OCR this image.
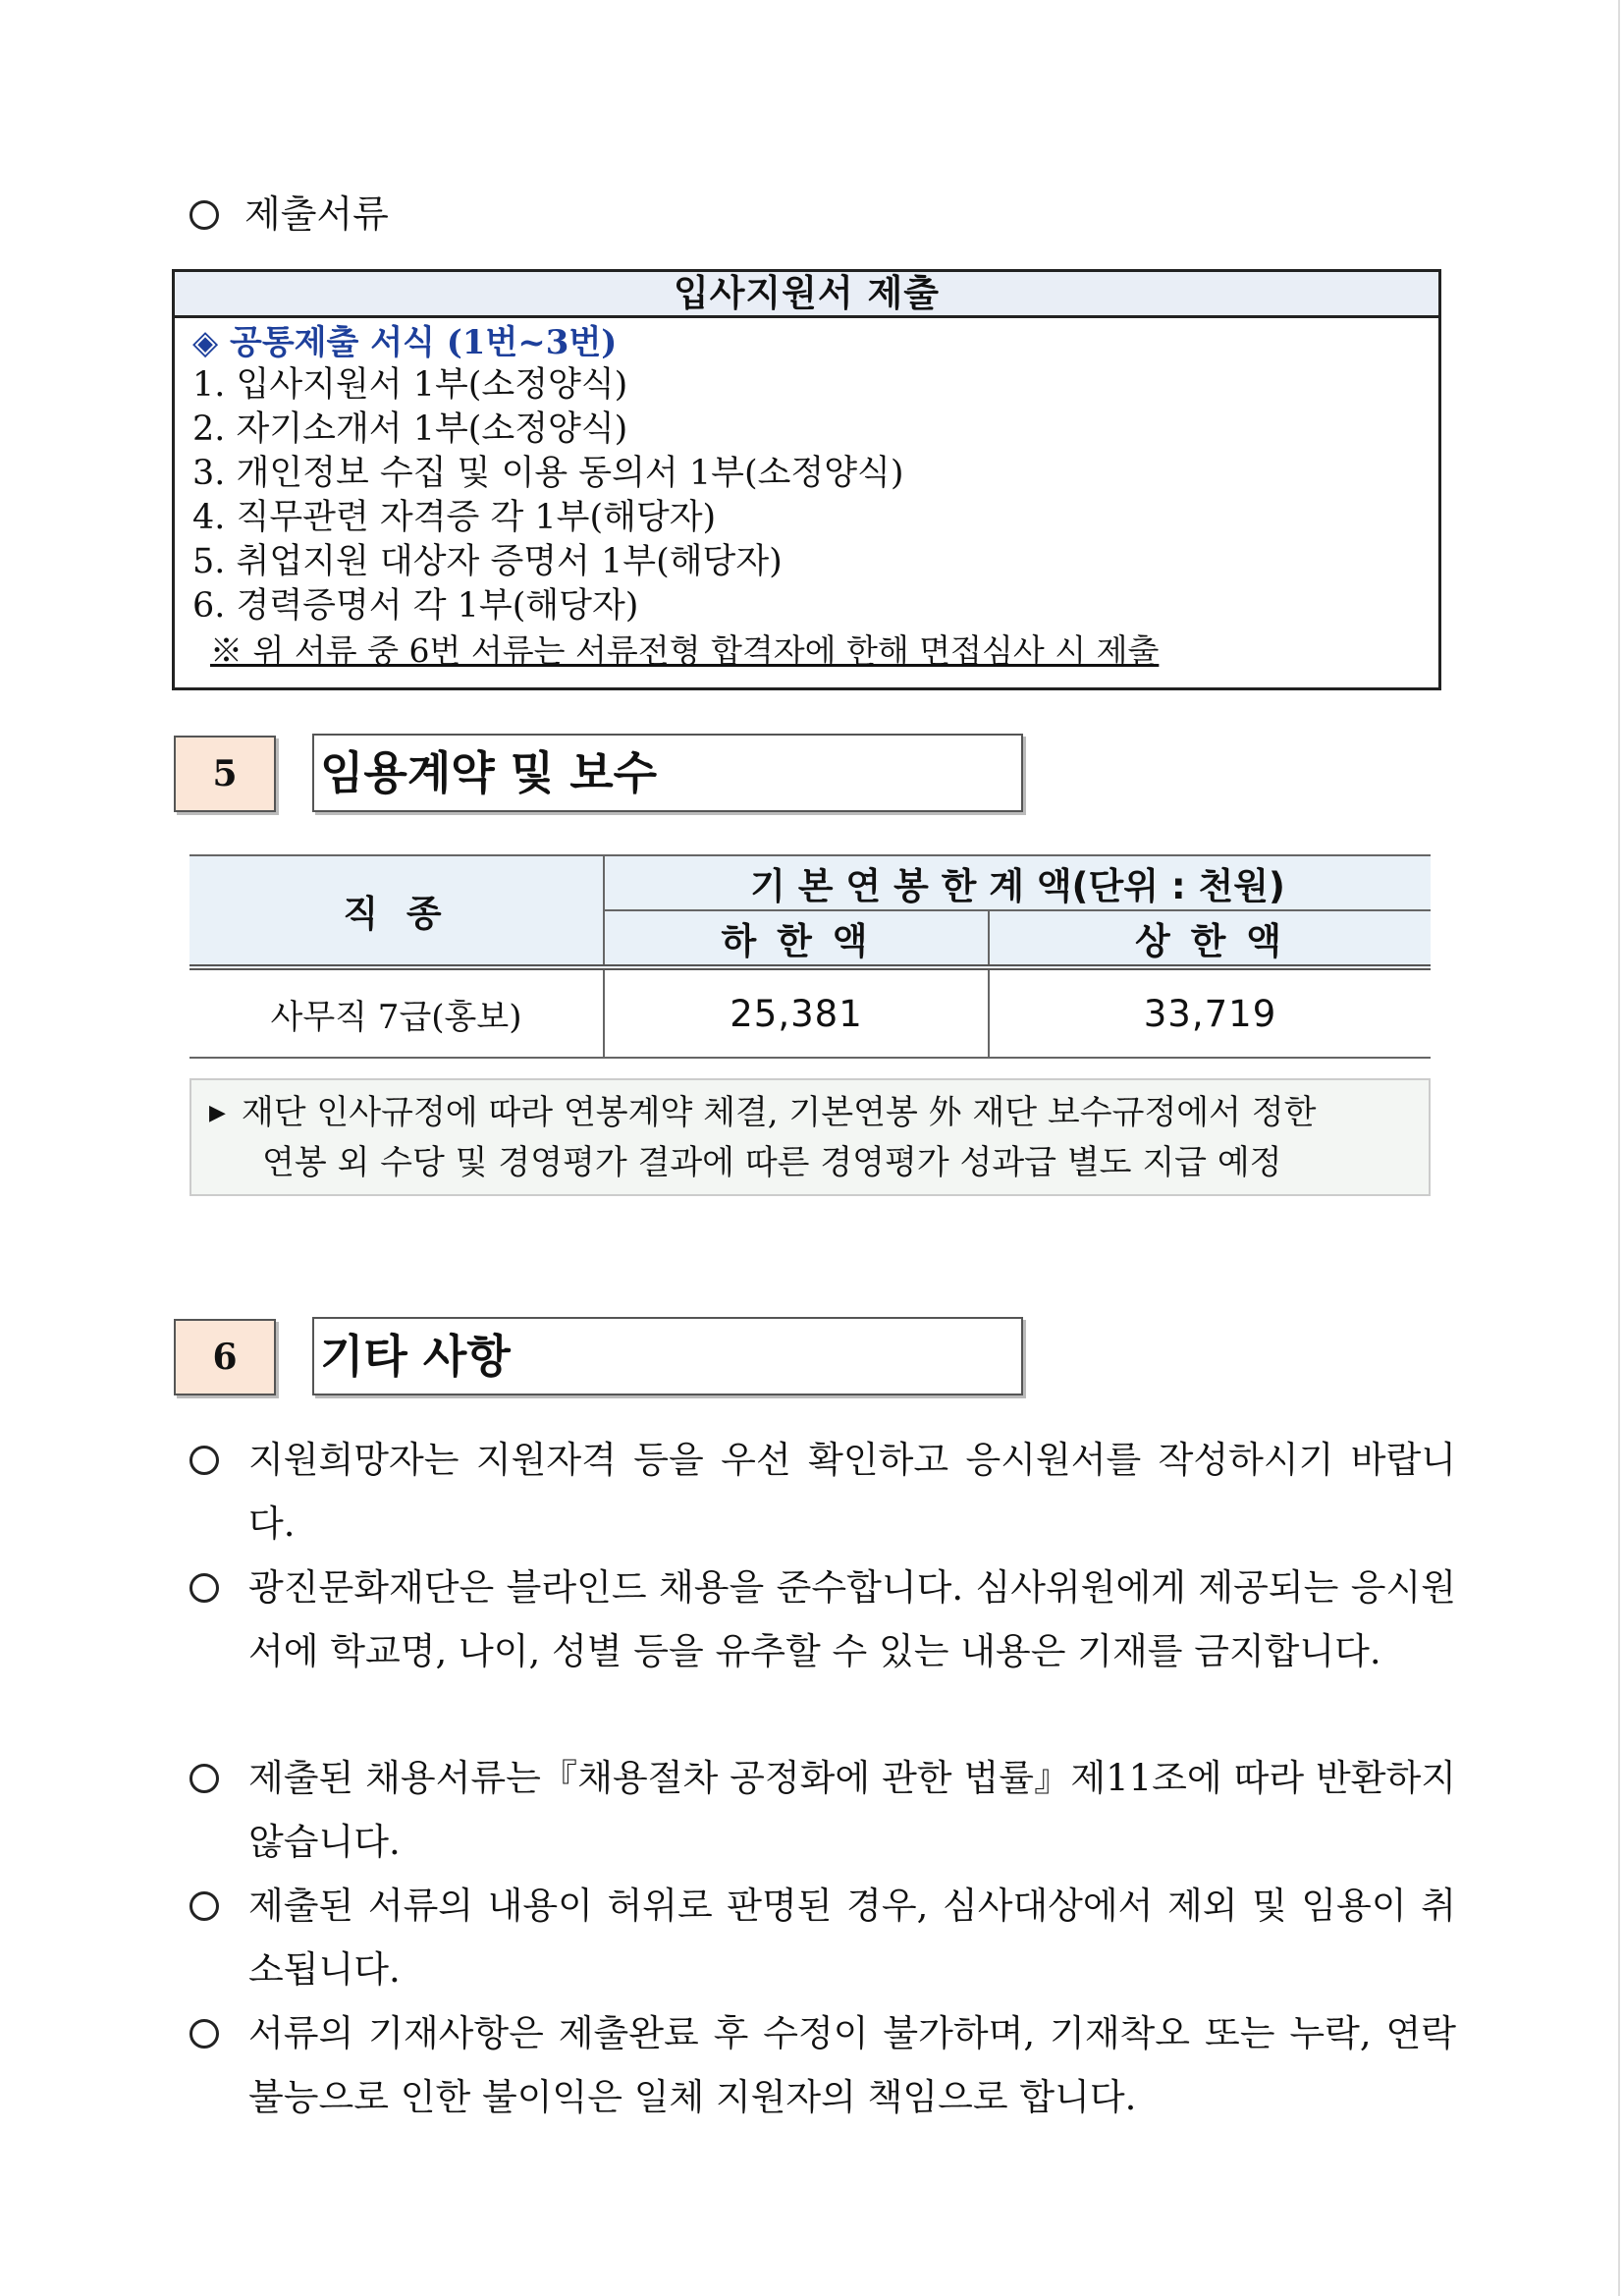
제출서류
입사지원서 제출
◈ 공통제출 서식 (1번~3번)
1. 입사지원서 1부(소정양식)
2. 자기소개서 1부(소정양식)
3. 개인정보 수집 및 이용 동의서 1부(소정양식)
4. 직무관련 자격증 각 1부(해당자)
5. 취업지원 대상자 증명서 1부(해당자)
6. 경력증명서 각 1부(해당자)
※ 위 서류 중 6번 서류는 서류전형 합격자에 한해 면접심사 시 제출
5	임용계약 및 보수
직 종	기 본 연 봉 한 계 액(단위 : 천원)	
	하 한 액	상 한 액
사무직 7급(홍보)	25,381	33,719
▶ 재단 인사규정에 따라 연봉계약 체결, 기본연봉 外 재단 보수규정에서 정한
연봉 외 수당 및 경영평가 결과에 따른 경영평가 성과급 별도 지급 예정
6	기타 사항
지원희망자는 지원자격 등을 우선 확인하고 응시원서를 작성하시기 바랍니다.
광진문화재단은 블라인드 채용을 준수합니다. 심사위원에게 제공되는 응시원서에 학교명, 나이, 성별 등을 유추할 수 있는 내용은 기재를 금지합니다.
제출된 채용서류는『채용절차 공정화에 관한 법률』제11조에 따라 반환하지 않습니다.
제출된 서류의 내용이 허위로 판명된 경우, 심사대상에서 제외 및 임용이 취소됩니다.
서류의 기재사항은 제출완료 후 수정이 불가하며, 기재착오 또는 누락, 연락불능으로 인한 불이익은 일체 지원자의 책임으로 합니다.
